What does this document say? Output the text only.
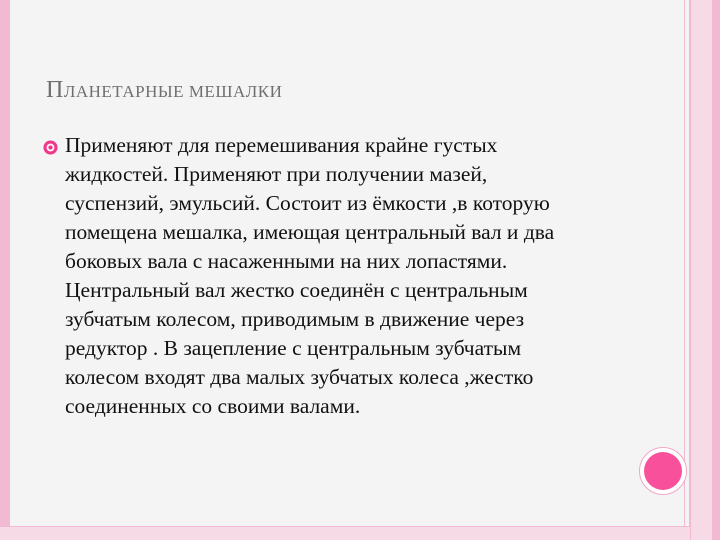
ПЛАНЕТАРНЫЕ МЕШАЛКИ

Применяют для перемешивания крайне густых
жидкостей. Применяют при получении мазей,
суспензий, эмульсий. Состоит из ёмкости ,в которую
помещена мешалка, имеющая центральный вал и два
боковых вала с насаженными на них лопастями.
Центральный вал жестко соединён с центральным
зубчатым колесом, приводимым в движение через
редуктор . В зацепление с центральным зубчатым
колесом входят два малых зубчатых колеса ,жестко
соединенных со своими валами.
